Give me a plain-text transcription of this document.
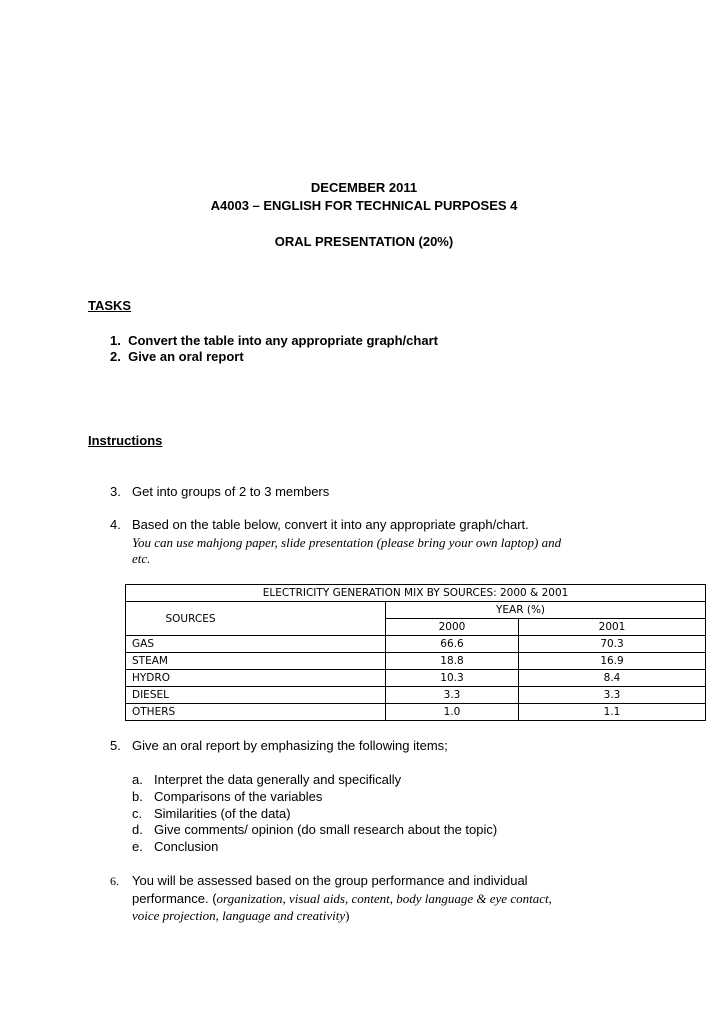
DECEMBER 2011
A4003 – ENGLISH FOR TECHNICAL PURPOSES 4
ORAL PRESENTATION (20%)
TASKS
1. Convert the table into any appropriate graph/chart
2. Give an oral report
Instructions
3. Get into groups of 2 to 3 members
4. Based on the table below, convert it into any appropriate graph/chart.
You can use mahjong paper, slide presentation (please bring your own laptop) and
etc.
ELECTRICITY GENERATION MIX BY SOURCES: 2000 & 2001		
SOURCES	YEAR (%)	
	2000	2001
GAS	66.6	70.3
STEAM	18.8	16.9
HYDRO	10.3	8.4
DIESEL	3.3	3.3
OTHERS	1.0	1.1
5. Give an oral report by emphasizing the following items;
a. Interpret the data generally and specifically
b. Comparisons of the variables
c. Similarities (of the data)
d. Give comments/ opinion (do small research about the topic)
e. Conclusion
6. You will be assessed based on the group performance and individual
performance. (organization, visual aids, content, body language & eye contact,
voice projection, language and creativity)
